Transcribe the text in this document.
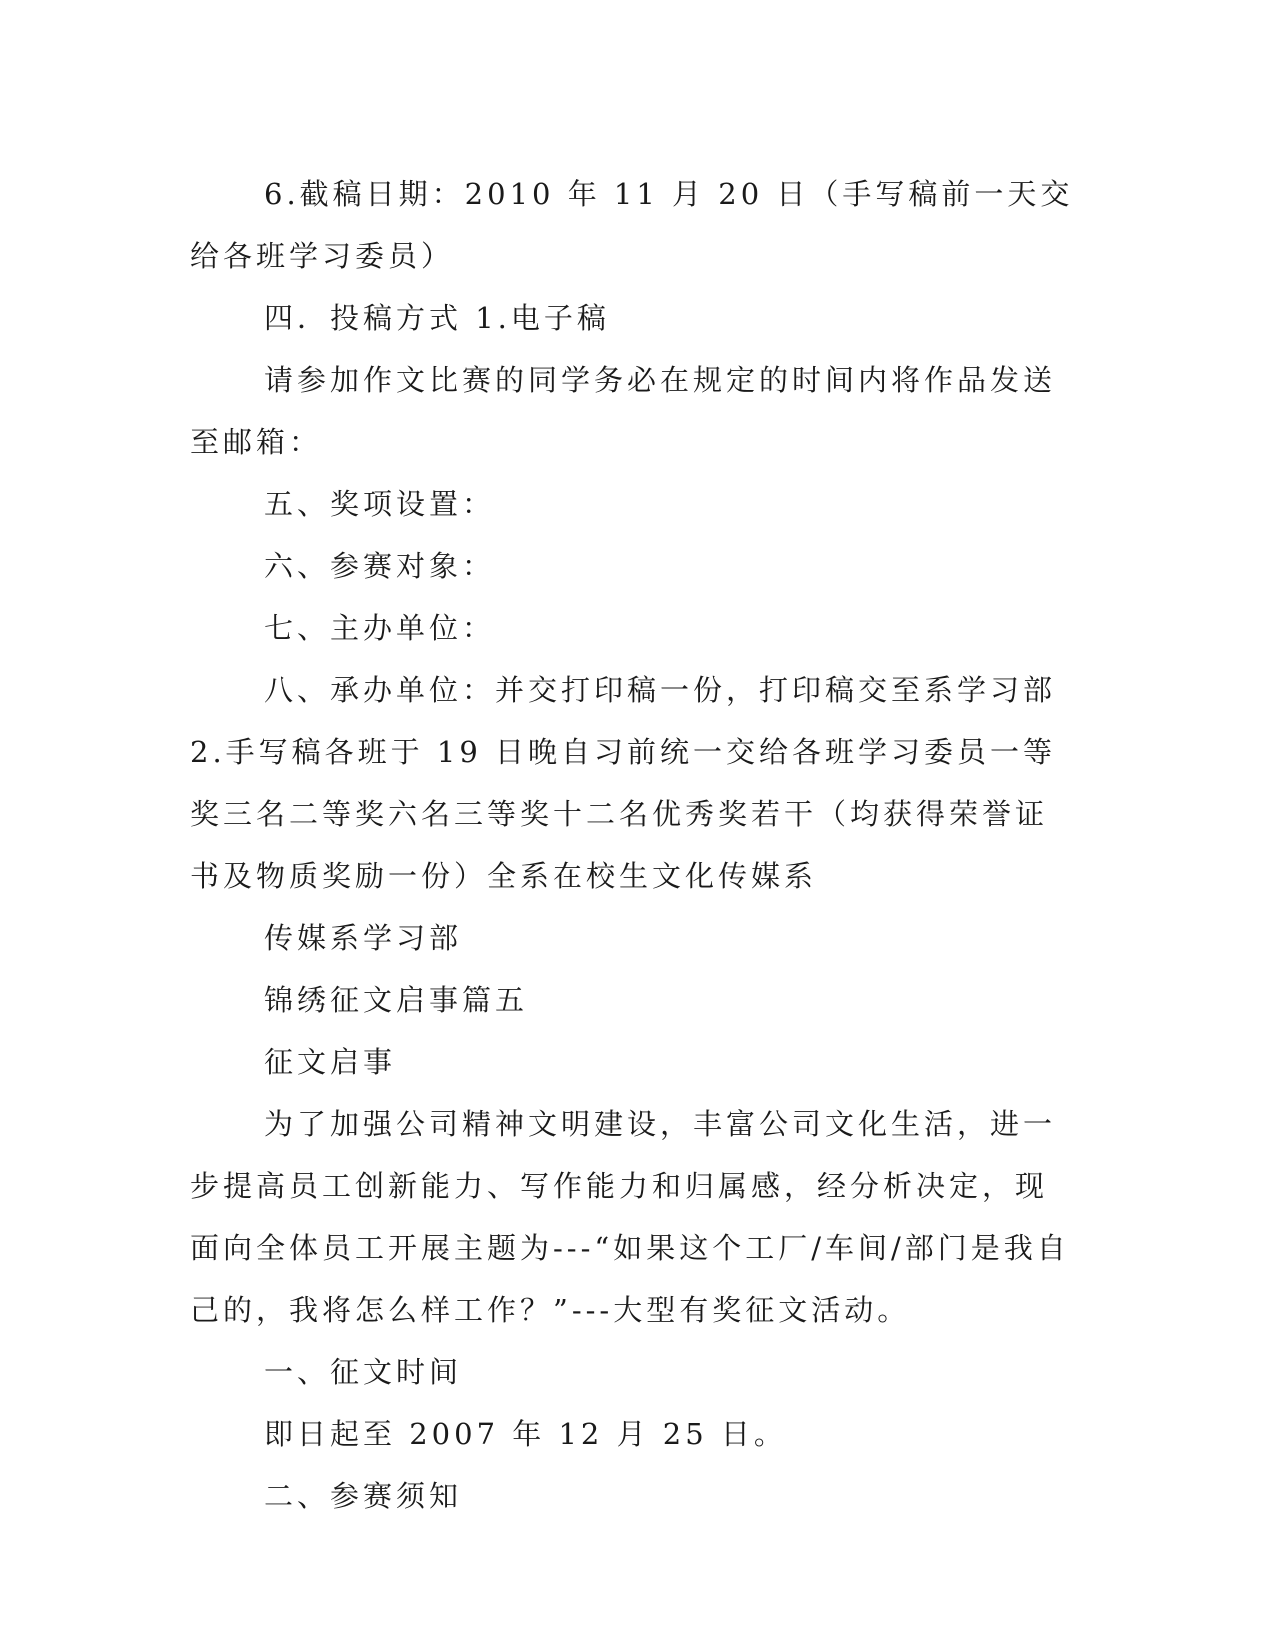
6.截稿日期：2010 年 11 月 20 日（手写稿前一天交给各班学习委员）

四．投稿方式 1.电子稿

请参加作文比赛的同学务必在规定的时间内将作品发送至邮箱：

五、奖项设置：

六、参赛对象：

七、主办单位：

八、承办单位：并交打印稿一份，打印稿交至系学习部 2.手写稿各班于 19 日晚自习前统一交给各班学习委员一等奖三名二等奖六名三等奖十二名优秀奖若干（均获得荣誉证书及物质奖励一份）全系在校生文化传媒系

传媒系学习部

锦绣征文启事篇五

征文启事

为了加强公司精神文明建设，丰富公司文化生活，进一步提高员工创新能力、写作能力和归属感，经分析决定，现面向全体员工开展主题为---“如果这个工厂/车间/部门是我自己的，我将怎么样工作？”---大型有奖征文活动。

一、征文时间

即日起至 2007 年 12 月 25 日。

二、参赛须知
